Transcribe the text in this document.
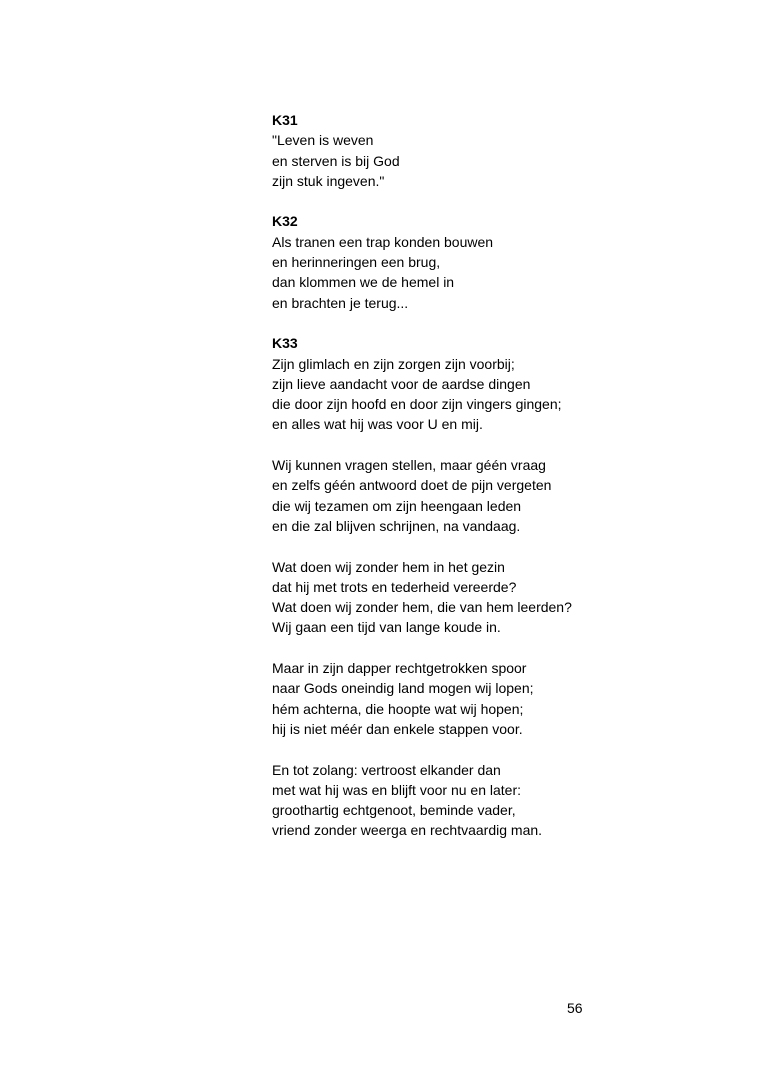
K31
"Leven is weven
en sterven is bij God
zijn stuk ingeven."
K32
Als tranen een trap konden bouwen
en herinneringen een brug,
dan klommen we de hemel in
en brachten je terug...
K33
Zijn glimlach en zijn zorgen zijn voorbij;
zijn lieve aandacht voor de aardse dingen
die door zijn hoofd en door zijn vingers gingen;
en alles wat hij was voor U en mij.
Wij kunnen vragen stellen, maar géén vraag
en zelfs géén antwoord doet de pijn vergeten
die wij tezamen om zijn heengaan leden
en die zal blijven schrijnen, na vandaag.
Wat doen wij zonder hem in het gezin
dat hij met trots en tederheid vereerde?
Wat doen wij zonder hem, die van hem leerden?
Wij gaan een tijd van lange koude in.
Maar in zijn dapper rechtgetrokken spoor
naar Gods oneindig land mogen wij lopen;
hém achterna, die hoopte wat wij hopen;
hij is niet méér dan enkele stappen voor.
En tot zolang: vertroost elkander dan
met wat hij was en blijft voor nu en later:
groothartig echtgenoot, beminde vader,
vriend zonder weerga en rechtvaardig man.
56
